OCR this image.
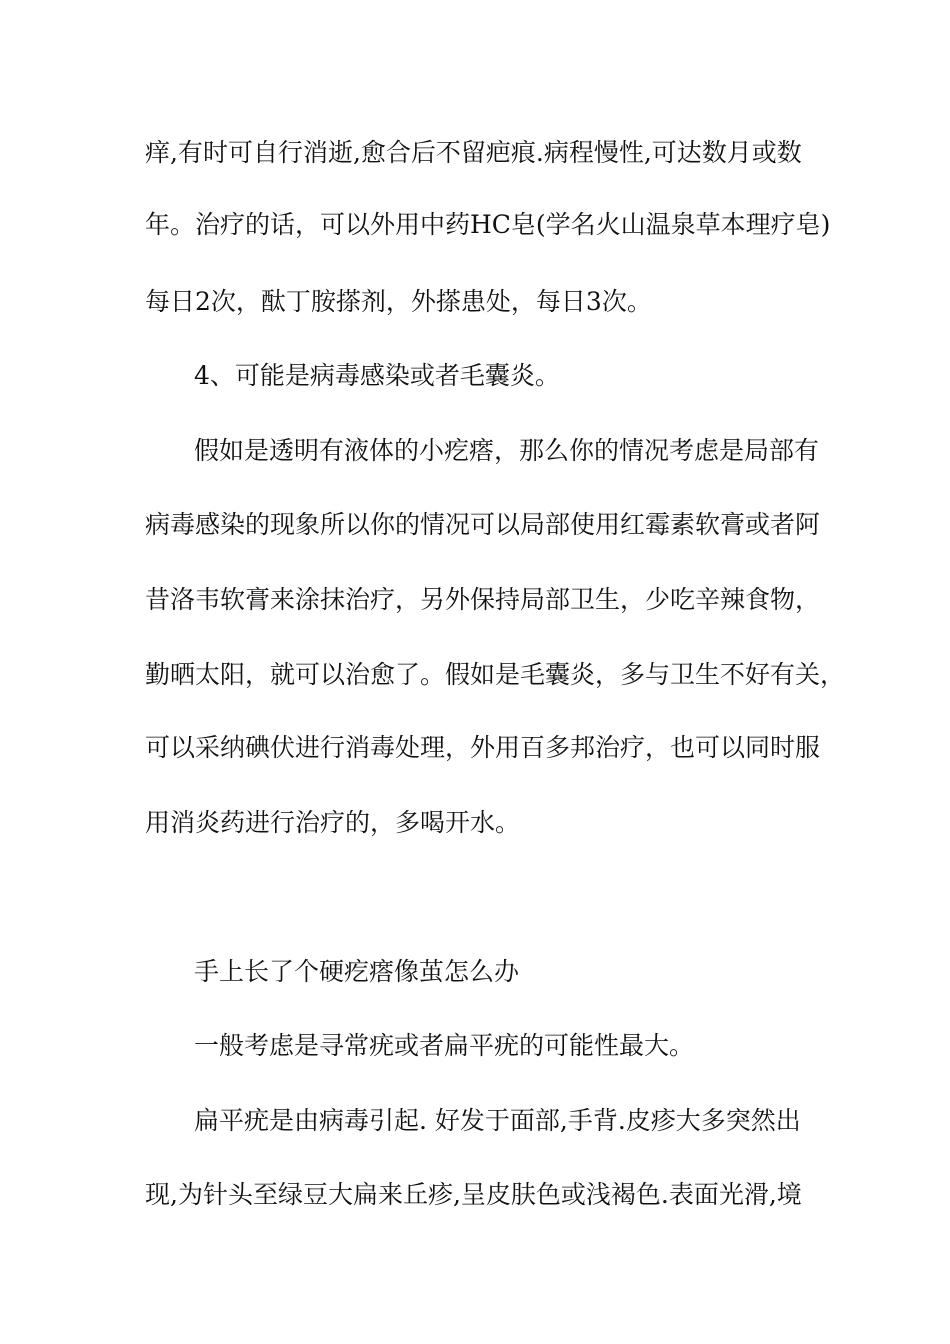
痒,有时可自行消逝,愈合后不留疤痕.病程慢性,可达数月或数
年。治疗的话，可以外用中药HC皂(学名火山温泉草本理疗皂)
每日2次，酞丁胺搽剂，外搽患处，每日3次。
4、可能是病毒感染或者毛囊炎。
假如是透明有液体的小疙瘩，那么你的情况考虑是局部有
病毒感染的现象所以你的情况可以局部使用红霉素软膏或者阿
昔洛韦软膏来涂抹治疗，另外保持局部卫生，少吃辛辣食物，
勤晒太阳，就可以治愈了。假如是毛囊炎，多与卫生不好有关，
可以采纳碘伏进行消毒处理，外用百多邦治疗，也可以同时服
用消炎药进行治疗的，多喝开水。
手上长了个硬疙瘩像茧怎么办
一般考虑是寻常疣或者扁平疣的可能性最大。
扁平疣是由病毒引起. 好发于面部,手背.皮疹大多突然出
现,为针头至绿豆大扁来丘疹,呈皮肤色或浅褐色.表面光滑,境
